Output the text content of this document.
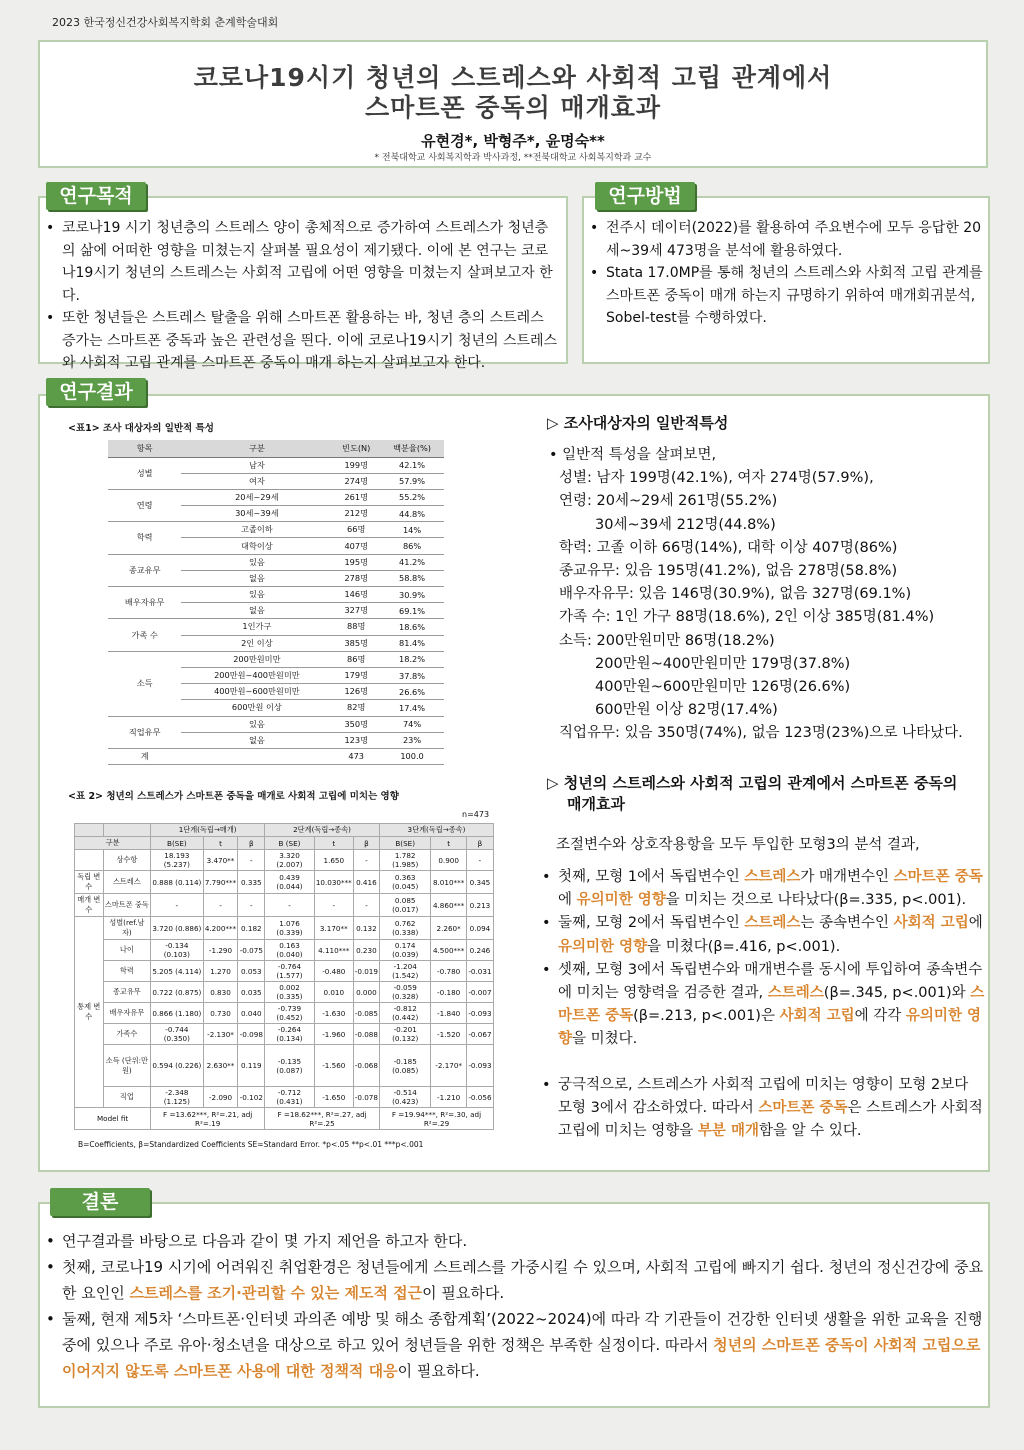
2023 한국정신건강사회복지학회 춘계학술대회
코로나19시기 청년의 스트레스와 사회적 고립 관계에서
스마트폰 중독의 매개효과
유현경*, 박형주*, 윤명숙**
* 전북대학교 사회복지학과 박사과정, **전북대학교 사회복지학과 교수
• 코로나19 시기 청년층의 스트레스 양이 총체적으로 증가하여 스트레스가 청년층의 삶에 어떠한 영향을 미쳤는지 살펴볼 필요성이 제기됐다. 이에 본 연구는 코로나19시기 청년의 스트레스는 사회적 고립에 어떤 영향을 미쳤는지 살펴보고자 한다.
• 또한 청년들은 스트레스 탈출을 위해 스마트폰 활용하는 바, 청년 층의 스트레스 증가는 스마트폰 중독과 높은 관련성을 띈다. 이에 코로나19시기 청년의 스트레스와 사회적 고립 관계를 스마트폰 중독이 매개 하는지 살펴보고자 한다.
연구목적
• 전주시 데이터(2022)를 활용하여 주요변수에 모두 응답한 20세~39세 473명을 분석에 활용하였다.
• Stata 17.0MP를 통해 청년의 스트레스와 사회적 고립 관계를 스마트폰 중독이 매개 하는지 규명하기 위하여 매개회귀분석, Sobel-test를 수행하였다.
연구방법
연구결과
<표1> 조사 대상자의 일반적 특성
항목	구분	빈도(N)	백분율(%)
성별	남자	199명	42.1%
	여자	274명	57.9%
연령	20세~29세	261명	55.2%
	30세~39세	212명	44.8%
학력	고졸이하	66명	14%
	대학이상	407명	86%
종교유무	있음	195명	41.2%
	없음	278명	58.8%
배우자유무	있음	146명	30.9%
	없음	327명	69.1%
가족 수	1인가구	88명	18.6%
	2인 이상	385명	81.4%
소득	200만원미만	86명	18.2%
	200만원~400만원미만	179명	37.8%
	400만원~600만원미만	126명	26.6%
	600만원 이상	82명	17.4%
직업유무	있음	350명	74%
	없음	123명	23%
계		473	100.0
<표 2> 청년의 스트레스가 스마트폰 중독을 매개로 사회적 고립에 미치는 영향
n=473
		1단계(독립→매개)			2단계(독립→종속)			3단계(독립→종속)		
구분		B(SE)	t	β	B (SE)	t	β	B(SE)	t	β
	상수항	18.193 (5.237)	3.470**	-	3.320 (2.007)	1.650	-	1.782 (1.985)	0.900	-
독립 변수	스트레스	0.888 (0.114)	7.790***	0.335	0.439 (0.044)	10.030***	0.416	0.363 (0.045)	8.010***	0.345
매개 변수	스마트폰 중독	-	-	-	-	-	-	0.085 (0.017)	4.860***	0.213
통제 변수	성별(ref.남자)	3.720 (0.886)	4.200***	0.182	1.076 (0.339)	3.170**	0.132	0.762 (0.338)	2.260*	0.094
	나이	-0.134 (0.103)	-1.290	-0.075	0.163 (0.040)	4.110***	0.230	0.174 (0.039)	4.500***	0.246
	학력	5.205 (4.114)	1.270	0.053	-0.764 (1.577)	-0.480	-0.019	-1.204 (1.542)	-0.780	-0.031
	종교유무	0.722 (0.875)	0.830	0.035	0.002 (0.335)	0.010	0.000	-0.059 (0.328)	-0.180	-0.007
	배우자유무	0.866 (1.180)	0.730	0.040	-0.739 (0.452)	-1.630	-0.085	-0.812 (0.442)	-1.840	-0.093
	가족수	-0.744 (0.350)	-2.130*	-0.098	-0.264 (0.134)	-1.960	-0.088	-0.201 (0.132)	-1.520	-0.067
	소득 (단위:만원)	0.594 (0.226)	2.630**	0.119	-0.135 (0.087)	-1.560	-0.068	-0.185 (0.085)	-2.170*	-0.093
	직업	-2.348 (1.125)	-2.090	-0.102	-0.712 (0.431)	-1.650	-0.078	-0.514 (0.423)	-1.210	-0.056
Model fit		F =13.62***, R²=.21, adj R²=.19			F =18.62***, R²=.27, adj R²=.25			F =19.94***, R²=.30, adj R²=.29		
B=Coefficients, β=Standardized Coefficients SE=Standard Error. *p<.05 **p<.01 ***p<.001
▷ 조사대상자의 일반적특성
• 일반적 특성을 살펴보면,
성별: 남자 199명(42.1%), 여자 274명(57.9%),
연령: 20세~29세 261명(55.2%)
30세~39세 212명(44.8%)
학력: 고졸 이하 66명(14%), 대학 이상 407명(86%)
종교유무: 있음 195명(41.2%), 없음 278명(58.8%)
배우자유무: 있음 146명(30.9%), 없음 327명(69.1%)
가족 수: 1인 가구 88명(18.6%), 2인 이상 385명(81.4%)
소득: 200만원미만 86명(18.2%)
200만원~400만원미만 179명(37.8%)
400만원~600만원미만 126명(26.6%)
600만원 이상 82명(17.4%)
직업유무: 있음 350명(74%), 없음 123명(23%)으로 나타났다.
▷ 청년의 스트레스와 사회적 고립의 관계에서 스마트폰 중독의
매개효과
조절변수와 상호작용항을 모두 투입한 모형3의 분석 결과,
• 첫째, 모형 1에서 독립변수인 스트레스가 매개변수인 스마트폰 중독에 유의미한 영향을 미치는 것으로 나타났다(β=.335, p<.001).
• 둘째, 모형 2에서 독립변수인 스트레스는 종속변수인 사회적 고립에 유의미한 영향을 미쳤다(β=.416, p<.001).
• 셋째, 모형 3에서 독립변수와 매개변수를 동시에 투입하여 종속변수에 미치는 영향력을 검증한 결과, 스트레스(β=.345, p<.001)와 스마트폰 중독(β=.213, p<.001)은 사회적 고립에 각각 유의미한 영향을 미쳤다.
• 궁극적으로, 스트레스가 사회적 고립에 미치는 영향이 모형 2보다 모형 3에서 감소하였다. 따라서 스마트폰 중독은 스트레스가 사회적 고립에 미치는 영향을 부분 매개함을 알 수 있다.
• 연구결과를 바탕으로 다음과 같이 몇 가지 제언을 하고자 한다.
• 첫째, 코로나19 시기에 어려워진 취업환경은 청년들에게 스트레스를 가중시킬 수 있으며, 사회적 고립에 빠지기 쉽다. 청년의 정신건강에 중요한 요인인 스트레스를 조기·관리할 수 있는 제도적 접근이 필요하다.
• 둘째, 현재 제5차 ‘스마트폰·인터넷 과의존 예방 및 해소 종합계획’(2022~2024)에 따라 각 기관들이 건강한 인터넷 생활을 위한 교육을 진행중에 있으나 주로 유아·청소년을 대상으로 하고 있어 청년들을 위한 정책은 부족한 실정이다. 따라서 청년의 스마트폰 중독이 사회적 고립으로 이어지지 않도록 스마트폰 사용에 대한 정책적 대응이 필요하다.
결론
